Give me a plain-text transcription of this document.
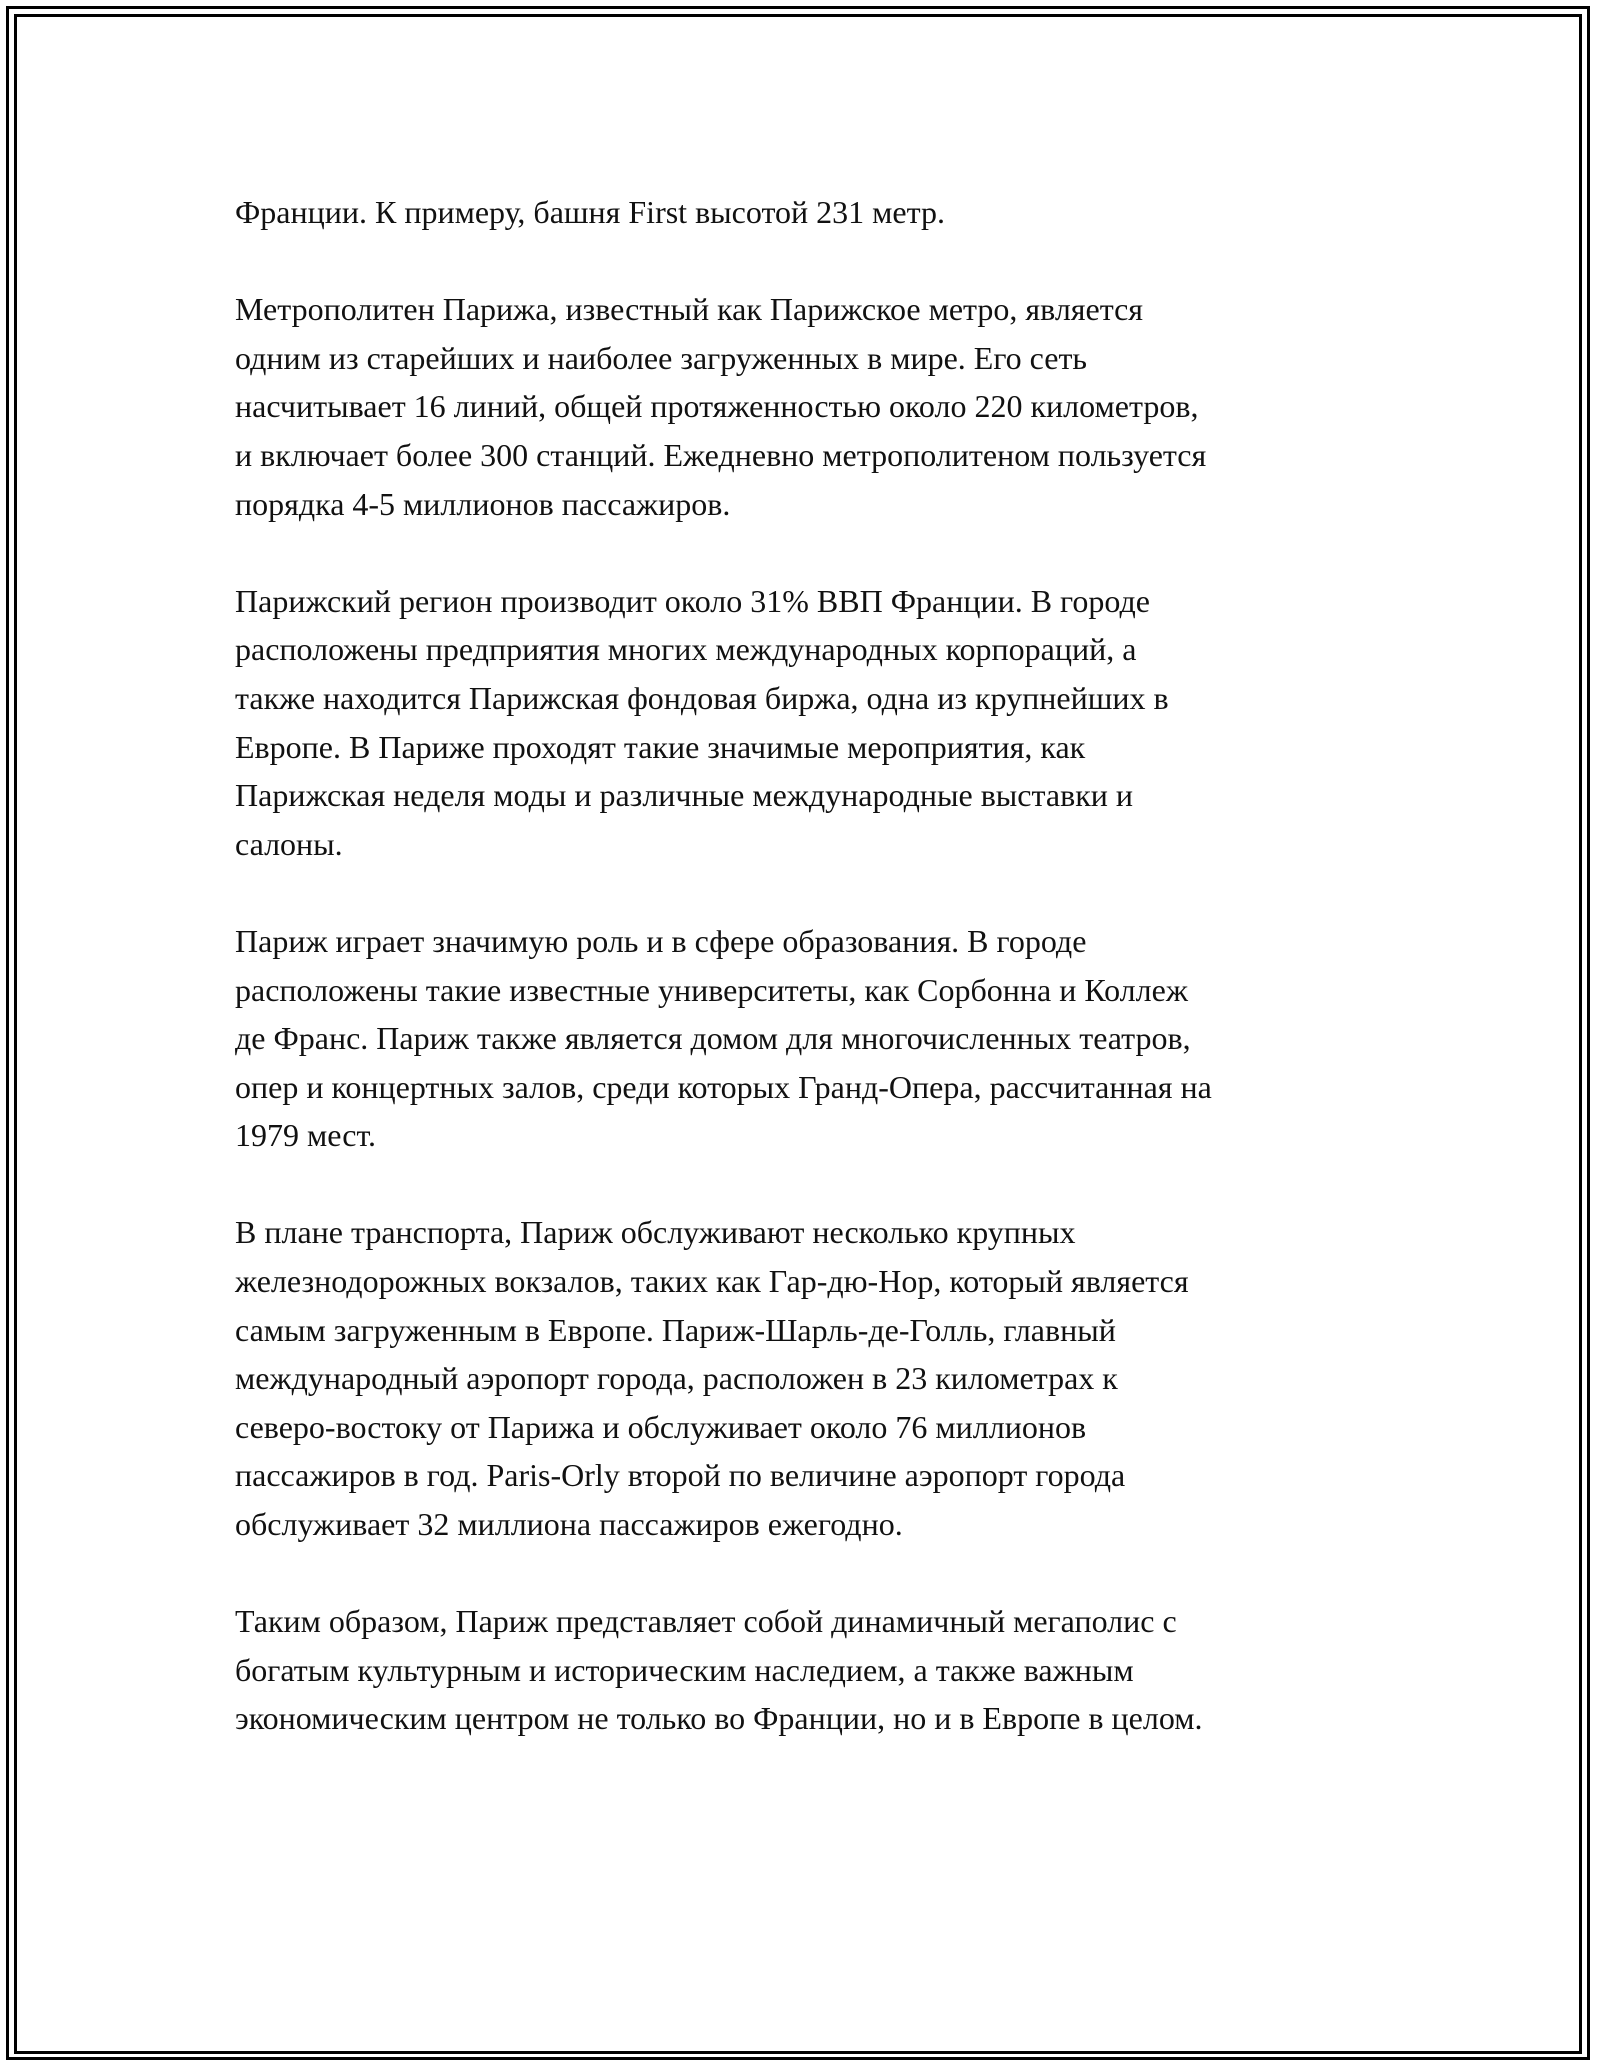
Франции. К примеру, башня First высотой 231 метр.

Метрополитен Парижа, известный как Парижское метро, является
одним из старейших и наиболее загруженных в мире. Его сеть
насчитывает 16 линий, общей протяженностью около 220 километров,
и включает более 300 станций. Ежедневно метрополитеном пользуется
порядка 4-5 миллионов пассажиров.

Парижский регион производит около 31% ВВП Франции. В городе
расположены предприятия многих международных корпораций, а
также находится Парижская фондовая биржа, одна из крупнейших в
Европе. В Париже проходят такие значимые мероприятия, как
Парижская неделя моды и различные международные выставки и
салоны.

Париж играет значимую роль и в сфере образования. В городе
расположены такие известные университеты, как Сорбонна и Коллеж
де Франс. Париж также является домом для многочисленных театров,
опер и концертных залов, среди которых Гранд-Опера, рассчитанная на
1979 мест.

В плане транспорта, Париж обслуживают несколько крупных
железнодорожных вокзалов, таких как Гар-дю-Нор, который является
самым загруженным в Европе. Париж-Шарль-де-Голль, главный
международный аэропорт города, расположен в 23 километрах к
северо-востоку от Парижа и обслуживает около 76 миллионов
пассажиров в год. Paris-Orly второй по величине аэропорт города
обслуживает 32 миллиона пассажиров ежегодно.

Таким образом, Париж представляет собой динамичный мегаполис с
богатым культурным и историческим наследием, а также важным
экономическим центром не только во Франции, но и в Европе в целом.
